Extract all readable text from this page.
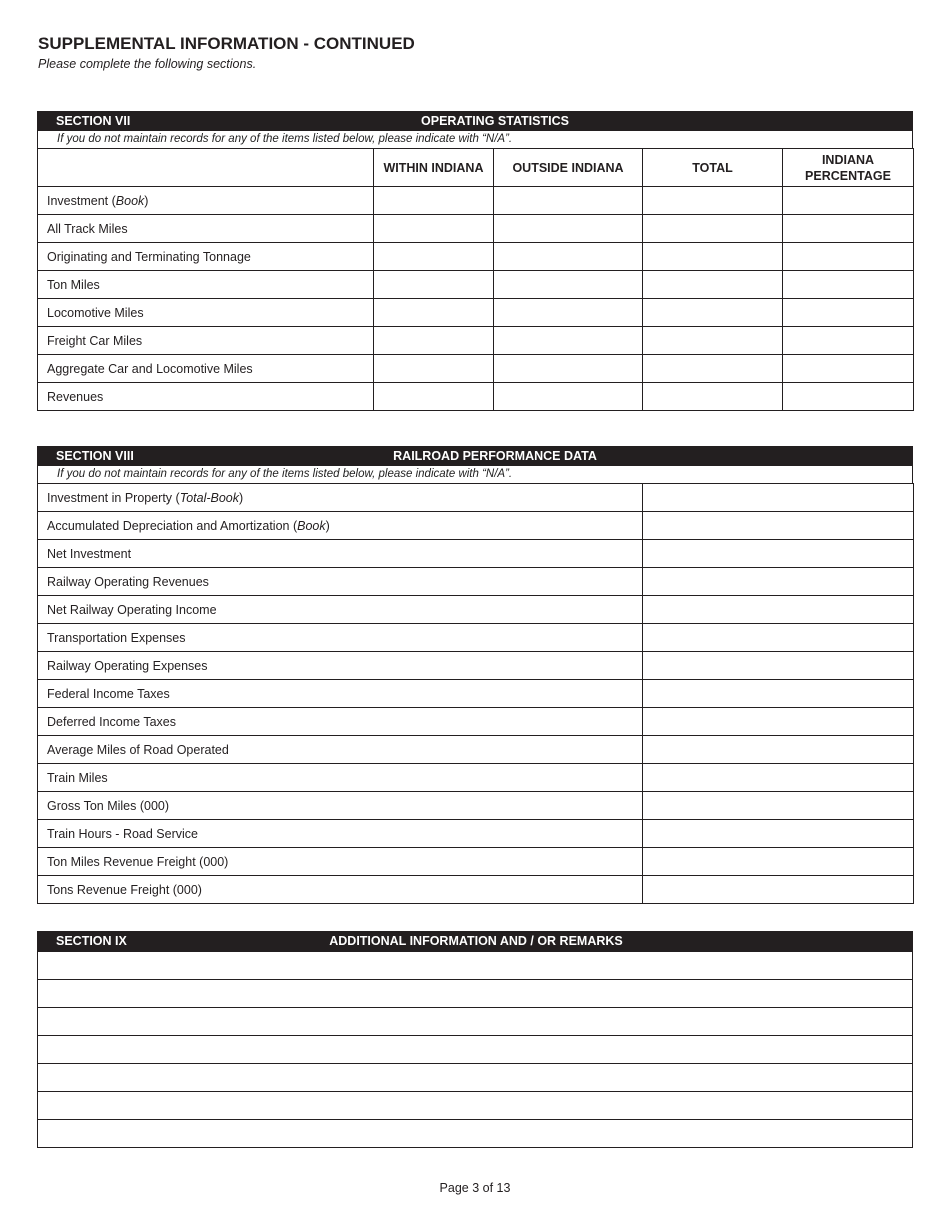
SUPPLEMENTAL INFORMATION - CONTINUED
Please complete the following sections.
SECTION VII	OPERATING STATISTICS
If you do not maintain records for any of the items listed below, please indicate with “N/A”.
	WITHIN INDIANA	OUTSIDE INDIANA	TOTAL	INDIANA PERCENTAGE
Investment (Book)				
All Track Miles				
Originating and Terminating Tonnage				
Ton Miles				
Locomotive Miles				
Freight Car Miles				
Aggregate Car and Locomotive Miles				
Revenues				
SECTION VIII	RAILROAD PERFORMANCE DATA
If you do not maintain records for any of the items listed below, please indicate with “N/A”.
Investment in Property (Total-Book)	
Accumulated Depreciation and Amortization (Book)	
Net Investment	
Railway Operating Revenues	
Net Railway Operating Income	
Transportation Expenses	
Railway Operating Expenses	
Federal Income Taxes	
Deferred Income Taxes	
Average Miles of Road Operated	
Train Miles	
Gross Ton Miles (000)	
Train Hours - Road Service	
Ton Miles Revenue Freight (000)	
Tons Revenue Freight (000)	
SECTION IX	ADDITIONAL INFORMATION AND / OR REMARKS

Page 3 of 13
